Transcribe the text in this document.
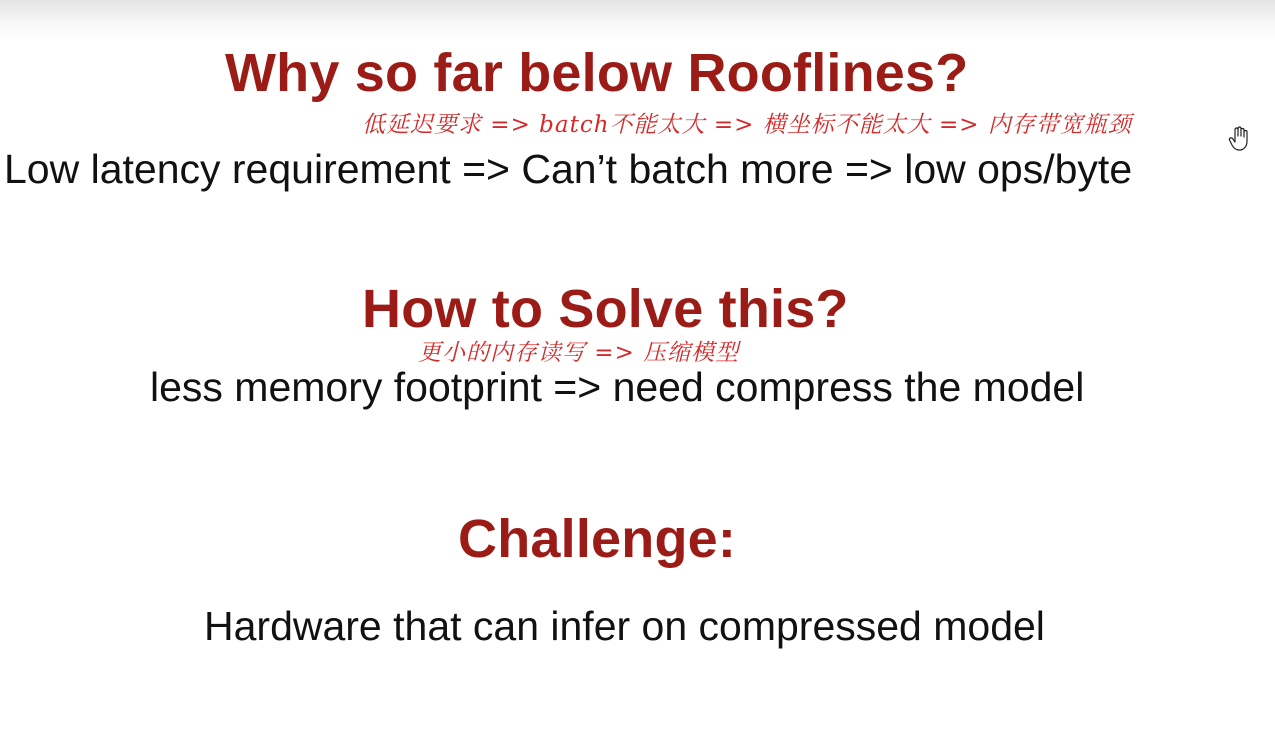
Why so far below Rooflines?
低延迟要求 => batch不能太大 => 横坐标不能太大 => 内存带宽瓶颈

Low latency requirement => Can’t batch more => low ops/byte

How to Solve this?
更小的内存读写 => 压缩模型

less memory footprint => need compress the model

Challenge:

Hardware that can infer on compressed model
